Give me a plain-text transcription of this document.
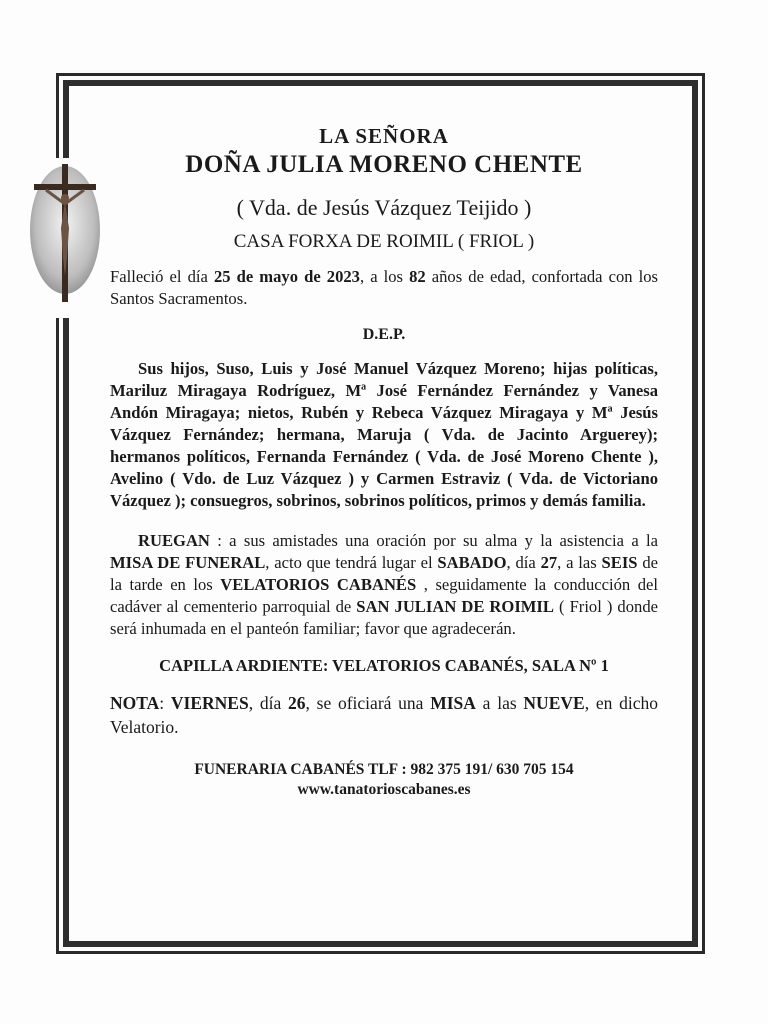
LA SEÑORA
DOÑA JULIA MORENO CHENTE
( Vda. de Jesús Vázquez Teijido )
CASA FORXA DE ROIMIL ( FRIOL )
Falleció el día 25 de mayo de 2023, a los 82 años de edad, confortada con los Santos Sacramentos.
D.E.P.
Sus hijos, Suso, Luis y José Manuel Vázquez Moreno; hijas políticas, Mariluz Miragaya Rodríguez, Mª José Fernández Fernández y Vanesa Andón Miragaya; nietos, Rubén y Rebeca Vázquez Miragaya y Mª Jesús Vázquez Fernández; hermana, Maruja ( Vda. de Jacinto Arguerey); hermanos políticos, Fernanda Fernández ( Vda. de José Moreno Chente ), Avelino ( Vdo. de Luz Vázquez ) y Carmen Estraviz ( Vda. de Victoriano Vázquez ); consuegros, sobrinos, sobrinos políticos, primos y demás familia.
RUEGAN : a sus amistades una oración por su alma y la asistencia a la MISA DE FUNERAL, acto que tendrá lugar el SABADO, día 27, a las SEIS de la tarde en los VELATORIOS CABANÉS , seguidamente la conducción del cadáver al cementerio parroquial de SAN JULIAN DE ROIMIL ( Friol ) donde será inhumada en el panteón familiar; favor que agradecerán.
CAPILLA ARDIENTE: VELATORIOS CABANÉS, SALA Nº 1
NOTA: VIERNES, día 26, se oficiará una MISA a las NUEVE, en dicho Velatorio.
FUNERARIA CABANÉS TLF : 982 375 191/ 630 705 154
www.tanatorioscabanes.es
